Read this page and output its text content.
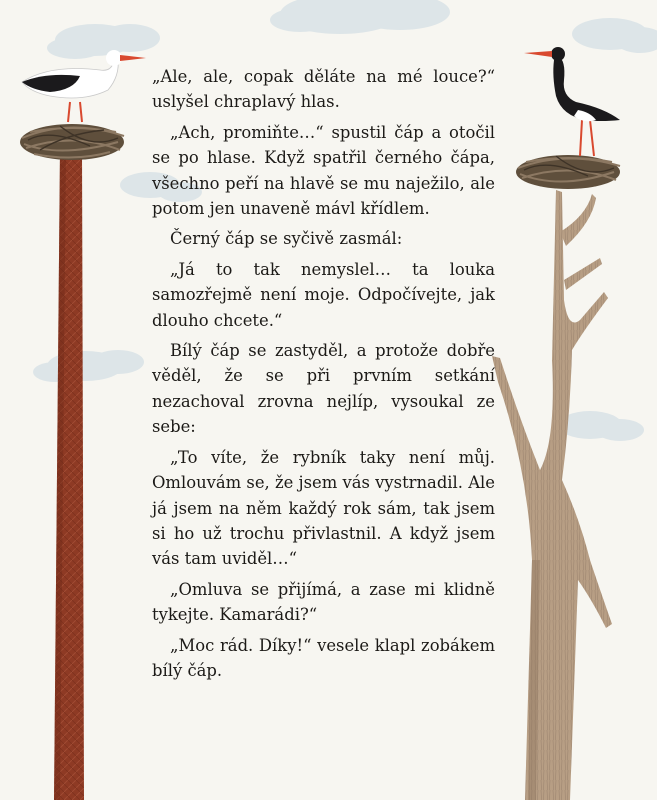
„Ale, ale, copak děláte na mé louce?“ uslyšel chraplavý hlas.

„Ach, promiňte…“ spustil čáp a otočil se po hlase. Když spatřil černého čápa, všechno peří na hlavě se mu naježilo, ale potom jen unaveně mávl křídlem.

Černý čáp se syčivě zasmál:

„Já to tak nemyslel… ta louka samozřejmě není moje. Odpočívejte, jak dlouho chcete.“

Bílý čáp se zastyděl, a protože dobře věděl, že se při prvním setkání nezachoval zrovna nejlíp, vysoukal ze sebe:

„To víte, že rybník taky není můj. Omlouvám se, že jsem vás vystrnadil. Ale já jsem na něm každý rok sám, tak jsem si ho už trochu přivlastnil. A když jsem vás tam uviděl…“

„Omluva se přijímá, a zase mi klidně tykejte. Kamarádi?“

„Moc rád. Díky!“ vesele klapl zobákem bílý čáp.
